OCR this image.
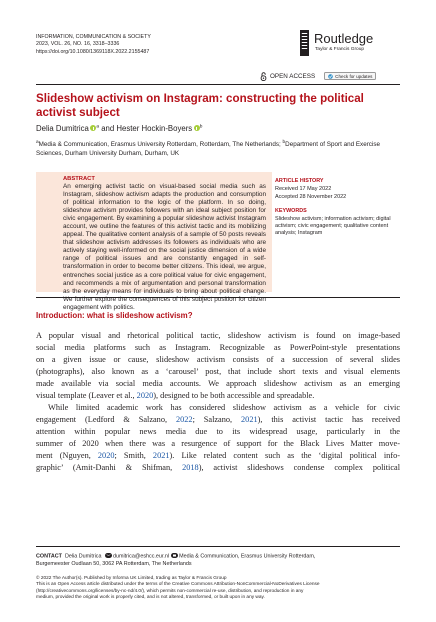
INFORMATION, COMMUNICATION & SOCIETY
2023, VOL. 26, NO. 16, 3318–3336
https://doi.org/10.1080/1369118X.2022.2155487
Routledge
Taylor & Francis Group
OPEN ACCESS	Check for updates
Slideshow activism on Instagram: constructing the political
activist subject
Delia Dumitrica $^a$ and Hester Hockin-Boyers $^b$
$^a$Media & Communication, Erasmus University Rotterdam, Rotterdam, The Netherlands; $^b$Department of Sport and Exercise Sciences, Durham University Durham, Durham, UK
ABSTRACT
An emerging activist tactic on visual-based social media such as Instagram, slideshow activism adapts the production and consumption of political information to the logic of the platform. In so doing, slideshow activism provides followers with an ideal subject position for civic engagement. By examining a popular slideshow activist Instagram account, we outline the features of this activist tactic and its mobilizing appeal. The qualitative content analysis of a sample of 50 posts reveals that slideshow activism addresses its followers as individuals who are actively staying well-informed on the social justice dimension of a wide range of political issues and are constantly engaged in self-transformation in order to become better citizens. This ideal, we argue, entrenches social justice as a core political value for civic engagement, and recommends a mix of argumentation and personal transformation as the everyday means for individuals to bring about political change. We further explore the consequences of this subject position for citizen engagement with politics.
ARTICLE HISTORY
Received 17 May 2022
Accepted 28 November 2022
KEYWORDS
Slideshow activism; information activism; digital activism; civic engagement; qualitative content analysis; Instagram
Introduction: what is slideshow activism?

A popular visual and rhetorical political tactic, slideshow activism is found on image-based
social media platforms such as Instagram. Recognizable as PowerPoint-style presentations
on a given issue or cause, slideshow activism consists of a succession of several slides
(photographs), also known as a ‘carousel’ post, that include short texts and visual elements
made available via social media accounts. We approach slideshow activism as an emerging
visual template (Leaver et al., 2020), designed to be both accessible and spreadable.

While limited academic work has considered slideshow activism as a vehicle for civic
engagement (Ledford & Salzano, 2022; Salzano, 2021), this activist tactic has received
attention within popular news media due to its widespread usage, particularly in the
summer of 2020 when there was a resurgence of support for the Black Lives Matter move-
ment (Nguyen, 2020; Smith, 2021). Like related content such as the ‘digital political info-
graphic’ (Amit-Danhi & Shifman, 2018), activist slideshows condense complex political

CONTACT Delia Dumitrica dumitrica@eshcc.eur.nl Media & Communication, Erasmus University Rotterdam,
Burgemeester Oudlaan 50, 3062 PA Rotterdam, The Netherlands
© 2022 The Author(s). Published by Informa UK Limited, trading as Taylor & Francis Group
This is an Open Access article distributed under the terms of the Creative Commons Attribution-NonCommercial-NoDerivatives License
(http://creativecommons.org/licenses/by-nc-nd/4.0/), which permits non-commercial re-use, distribution, and reproduction in any
medium, provided the original work is properly cited, and is not altered, transformed, or built upon in any way.
